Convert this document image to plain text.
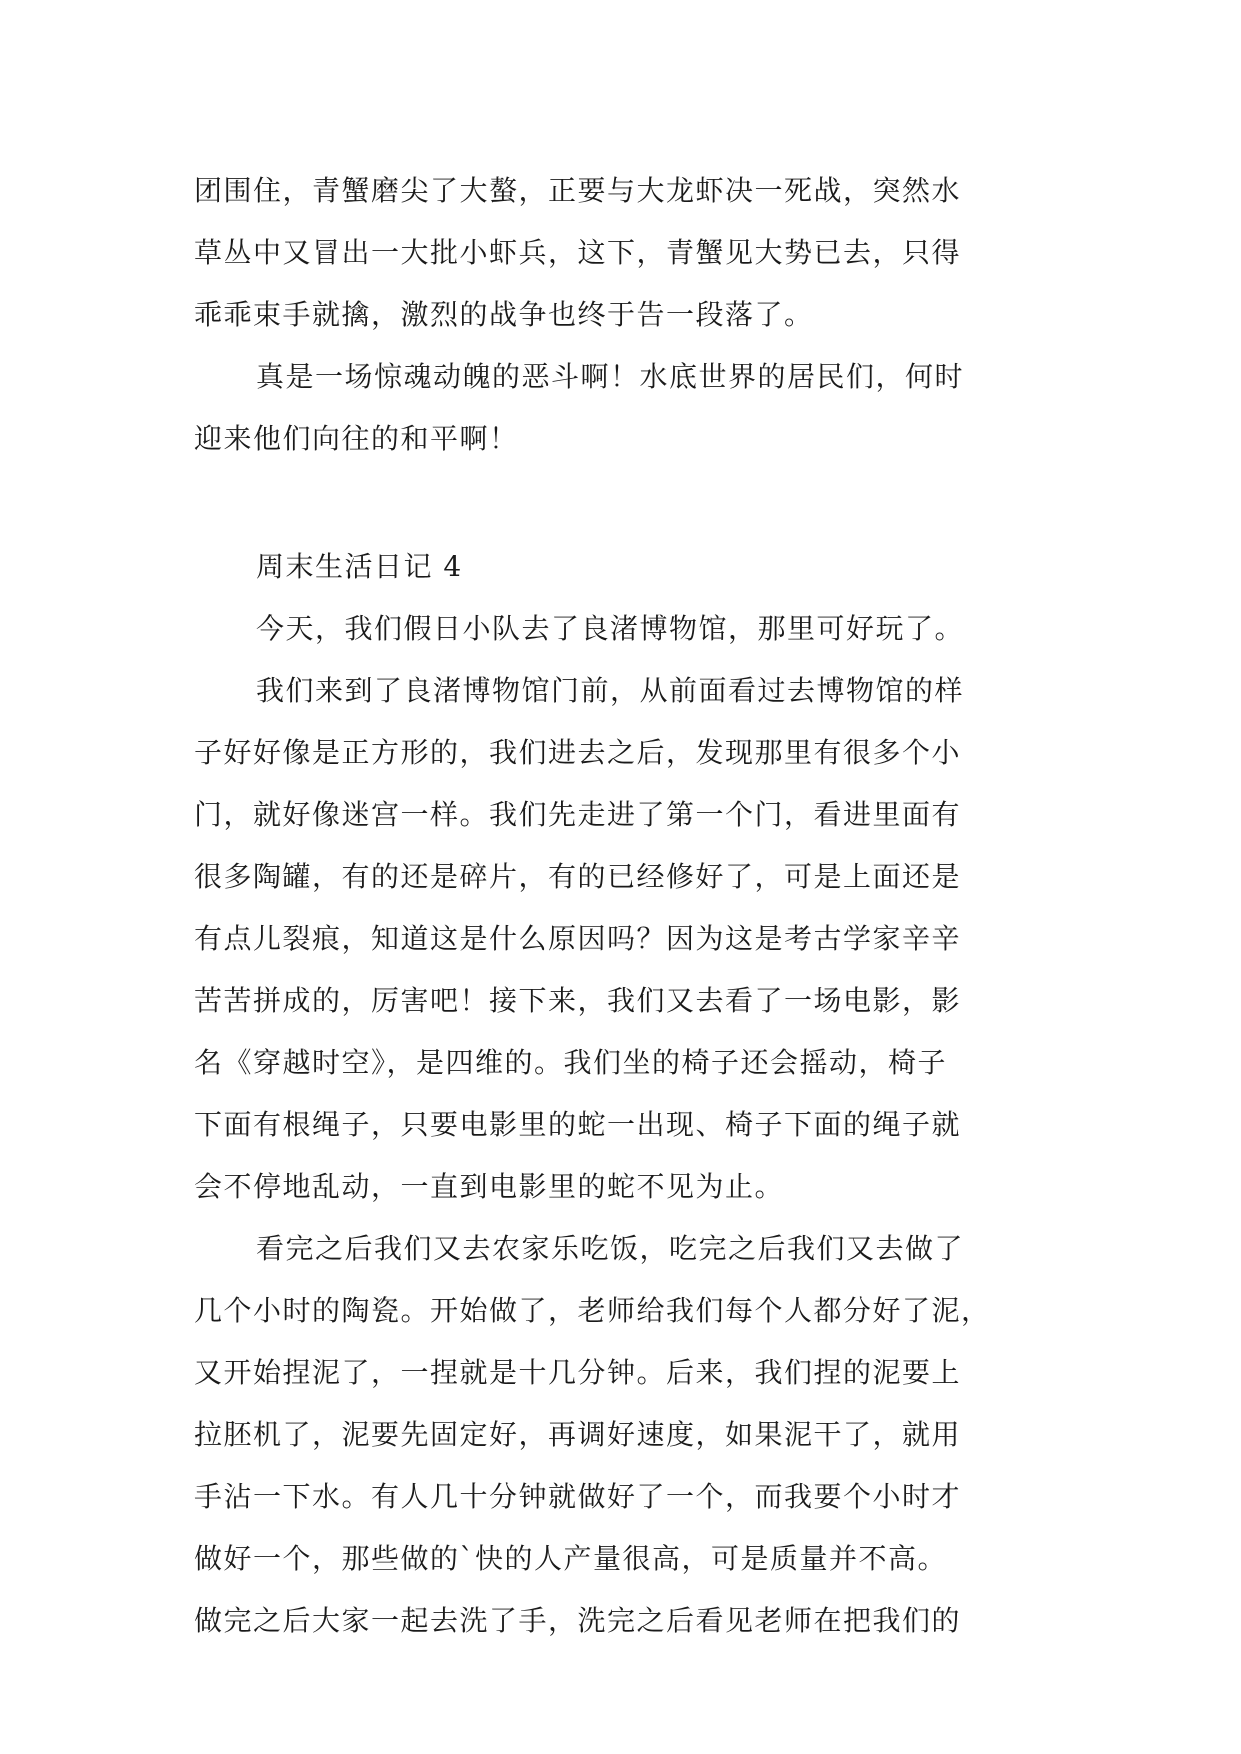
团围住，青蟹磨尖了大螯，正要与大龙虾决一死战，突然水
草丛中又冒出一大批小虾兵，这下，青蟹见大势已去，只得
乖乖束手就擒，激烈的战争也终于告一段落了。
真是一场惊魂动魄的恶斗啊！水底世界的居民们，何时
迎来他们向往的和平啊！
周末生活日记 4
今天，我们假日小队去了良渚博物馆，那里可好玩了。
我们来到了良渚博物馆门前，从前面看过去博物馆的样
子好好像是正方形的，我们进去之后，发现那里有很多个小
门，就好像迷宫一样。我们先走进了第一个门，看进里面有
很多陶罐，有的还是碎片，有的已经修好了，可是上面还是
有点儿裂痕，知道这是什么原因吗？因为这是考古学家辛辛
苦苦拼成的，厉害吧！接下来，我们又去看了一场电影，影
名《穿越时空》，是四维的。我们坐的椅子还会摇动，椅子
下面有根绳子，只要电影里的蛇一出现、椅子下面的绳子就
会不停地乱动，一直到电影里的蛇不见为止。
看完之后我们又去农家乐吃饭，吃完之后我们又去做了
几个小时的陶瓷。开始做了，老师给我们每个人都分好了泥，
又开始捏泥了，一捏就是十几分钟。后来，我们捏的泥要上
拉胚机了，泥要先固定好，再调好速度，如果泥干了，就用
手沾一下水。有人几十分钟就做好了一个，而我要个小时才
做好一个，那些做的`快的人产量很高，可是质量并不高。
做完之后大家一起去洗了手，洗完之后看见老师在把我们的
